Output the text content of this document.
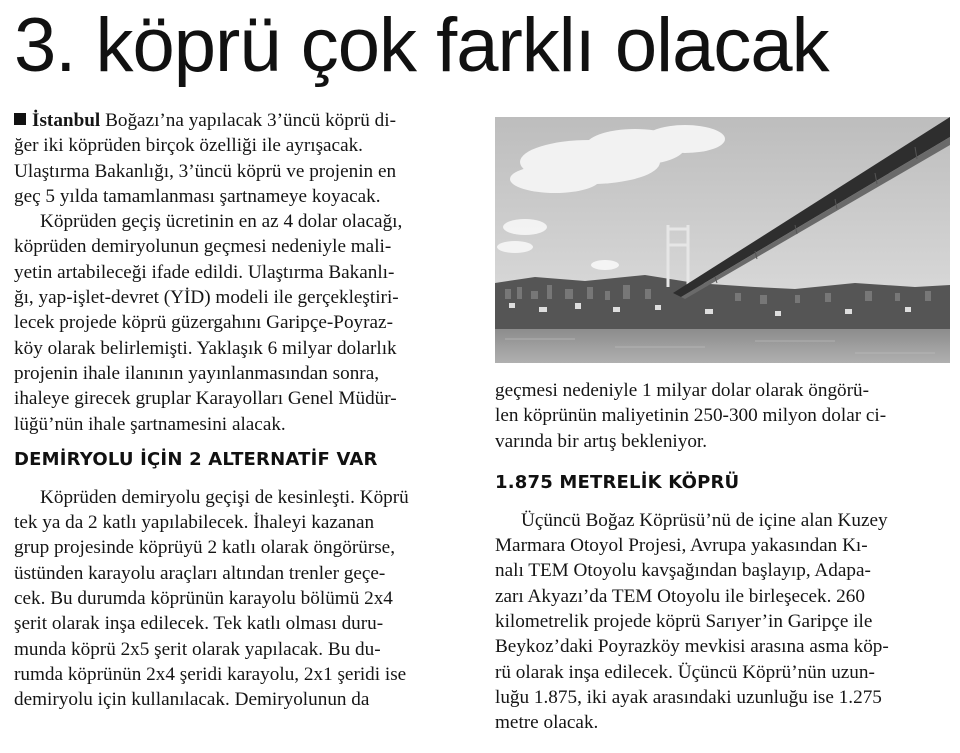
3. köprü çok farklı olacak
İstanbul Boğazı’na yapılacak 3’üncü köprü di-
ğer iki köprüden birçok özelliği ile ayrışacak.
Ulaştırma Bakanlığı, 3’üncü köprü ve projenin en
geç 5 yılda tamamlanması şartnameye koyacak.
Köprüden geçiş ücretinin en az 4 dolar olacağı,
köprüden demiryolunun geçmesi nedeniyle mali-
yetin artabileceği ifade edildi. Ulaştırma Bakanlı-
ğı, yap-işlet-devret (YİD) modeli ile gerçekleştiri-
lecek projede köprü güzergahını Garipçe-Poyraz-
köy olarak belirlemişti. Yaklaşık 6 milyar dolarlık
projenin ihale ilanının yayınlanmasından sonra,
ihaleye girecek gruplar Karayolları Genel Müdür-
lüğü’nün ihale şartnamesini alacak.
DEMİRYOLU İÇİN 2 ALTERNATİF VAR
Köprüden demiryolu geçişi de kesinleşti. Köprü
tek ya da 2 katlı yapılabilecek. İhaleyi kazanan
grup projesinde köprüyü 2 katlı olarak öngörürse,
üstünden karayolu araçları altından trenler geçe-
cek. Bu durumda köprünün karayolu bölümü 2x4
şerit olarak inşa edilecek. Tek katlı olması duru-
munda köprü 2x5 şerit olarak yapılacak. Bu du-
rumda köprünün 2x4 şeridi karayolu, 2x1 şeridi ise
demiryolu için kullanılacak. Demiryolunun da
geçmesi nedeniyle 1 milyar dolar olarak öngörü-
len köprünün maliyetinin 250-300 milyon dolar ci-
varında bir artış bekleniyor.
1.875 METRELİK KÖPRÜ
Üçüncü Boğaz Köprüsü’nü de içine alan Kuzey
Marmara Otoyol Projesi, Avrupa yakasından Kı-
nalı TEM Otoyolu kavşağından başlayıp, Adapa-
zarı Akyazı’da TEM Otoyolu ile birleşecek. 260
kilometrelik projede köprü Sarıyer’in Garipçe ile
Beykoz’daki Poyrazköy mevkisi arasına asma köp-
rü olarak inşa edilecek. Üçüncü Köprü’nün uzun-
luğu 1.875, iki ayak arasındaki uzunluğu ise 1.275
metre olacak.
